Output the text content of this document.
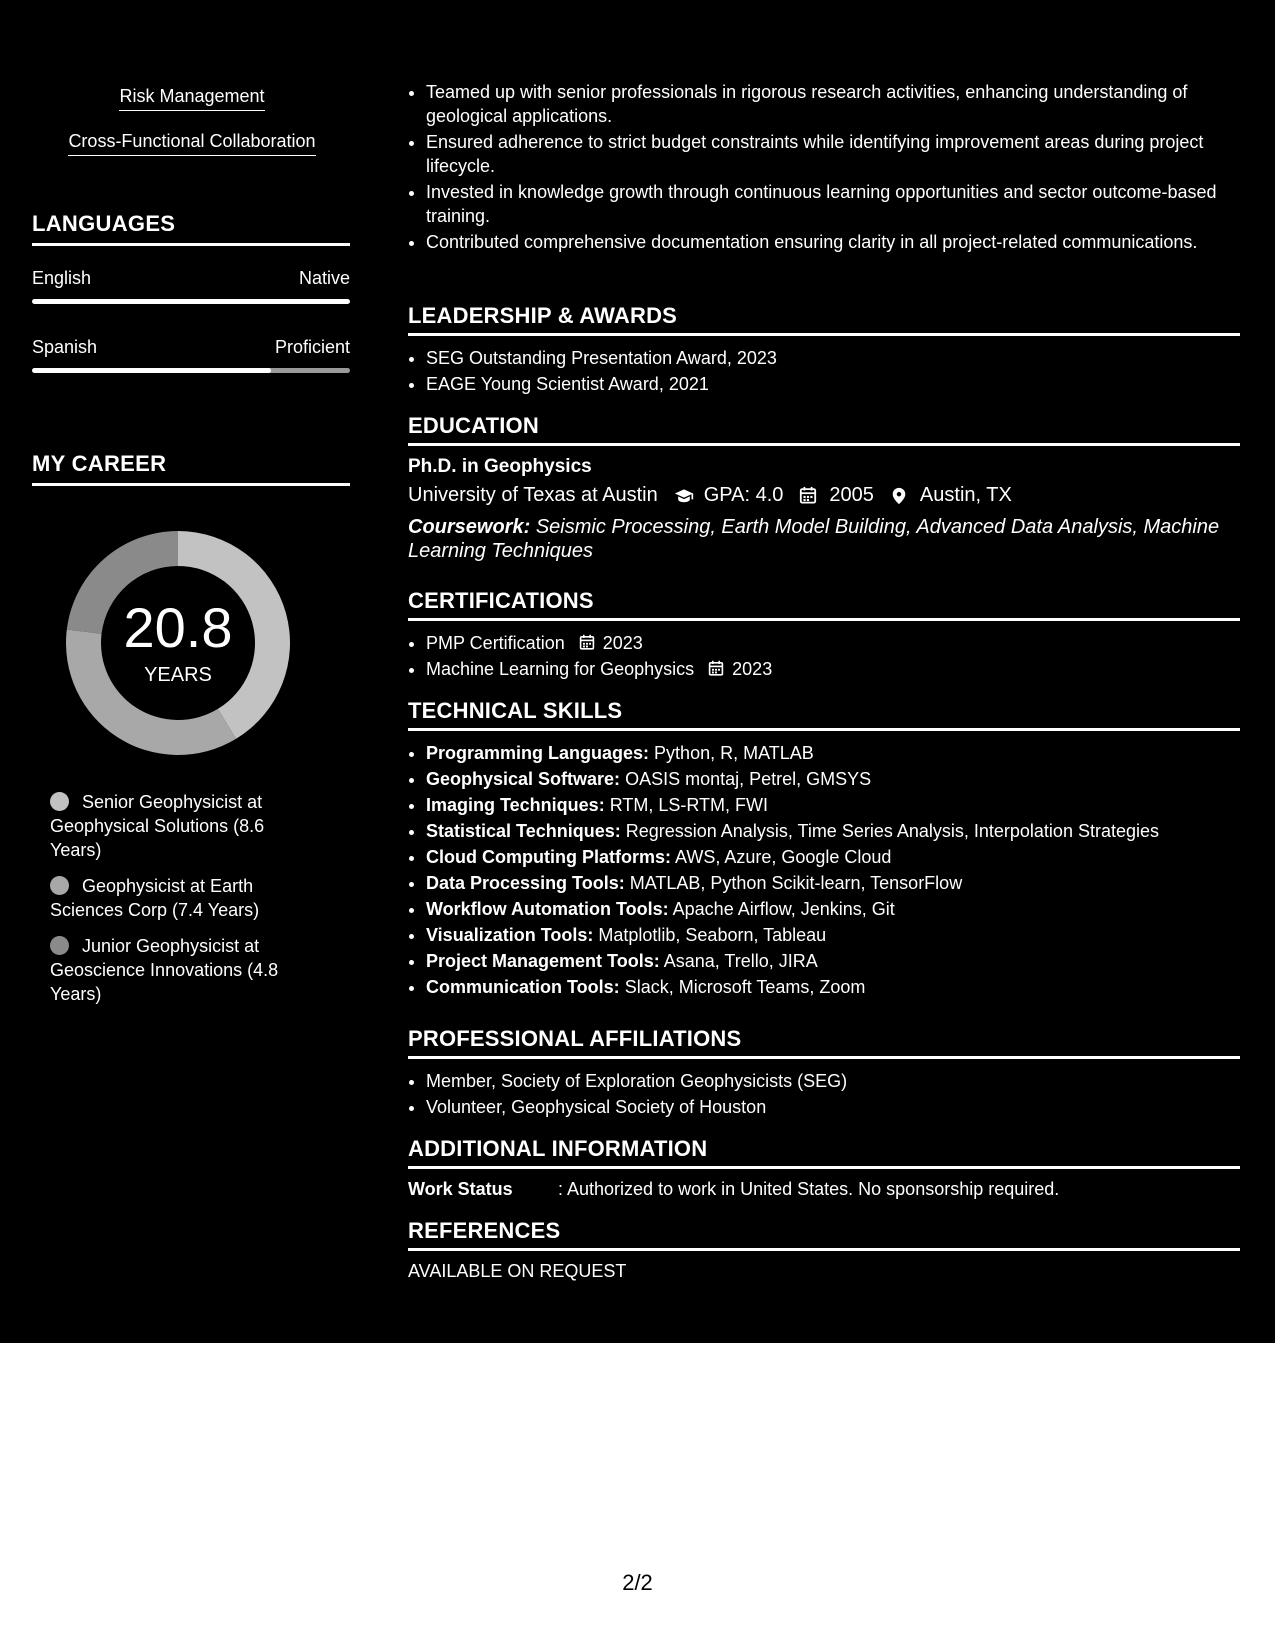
Risk Management
Cross-Functional Collaboration
LANGUAGES
English	Native
Spanish	Proficient
MY CAREER
20.8
YEARS
Senior Geophysicist at Geophysical Solutions (8.6 Years)
Geophysicist at Earth Sciences Corp (7.4 Years)
Junior Geophysicist at Geoscience Innovations (4.8 Years)
• Teamed up with senior professionals in rigorous research activities, enhancing understanding of geological applications.
• Ensured adherence to strict budget constraints while identifying improvement areas during project lifecycle.
• Invested in knowledge growth through continuous learning opportunities and sector outcome-based training.
• Contributed comprehensive documentation ensuring clarity in all project-related communications.
LEADERSHIP & AWARDS
• SEG Outstanding Presentation Award, 2023
• EAGE Young Scientist Award, 2021
EDUCATION
Ph.D. in Geophysics
University of Texas at Austin GPA: 4.0 2005 Austin, TX
Coursework: Seismic Processing, Earth Model Building, Advanced Data Analysis, Machine Learning Techniques
CERTIFICATIONS
• PMP Certification 2023
• Machine Learning for Geophysics 2023
TECHNICAL SKILLS
• Programming Languages: Python, R, MATLAB
• Geophysical Software: OASIS montaj, Petrel, GMSYS
• Imaging Techniques: RTM, LS-RTM, FWI
• Statistical Techniques: Regression Analysis, Time Series Analysis, Interpolation Strategies
• Cloud Computing Platforms: AWS, Azure, Google Cloud
• Data Processing Tools: MATLAB, Python Scikit-learn, TensorFlow
• Workflow Automation Tools: Apache Airflow, Jenkins, Git
• Visualization Tools: Matplotlib, Seaborn, Tableau
• Project Management Tools: Asana, Trello, JIRA
• Communication Tools: Slack, Microsoft Teams, Zoom
PROFESSIONAL AFFILIATIONS
• Member, Society of Exploration Geophysicists (SEG)
• Volunteer, Geophysical Society of Houston
ADDITIONAL INFORMATION
Work Status	: Authorized to work in United States. No sponsorship required.
REFERENCES
AVAILABLE ON REQUEST
2/2
